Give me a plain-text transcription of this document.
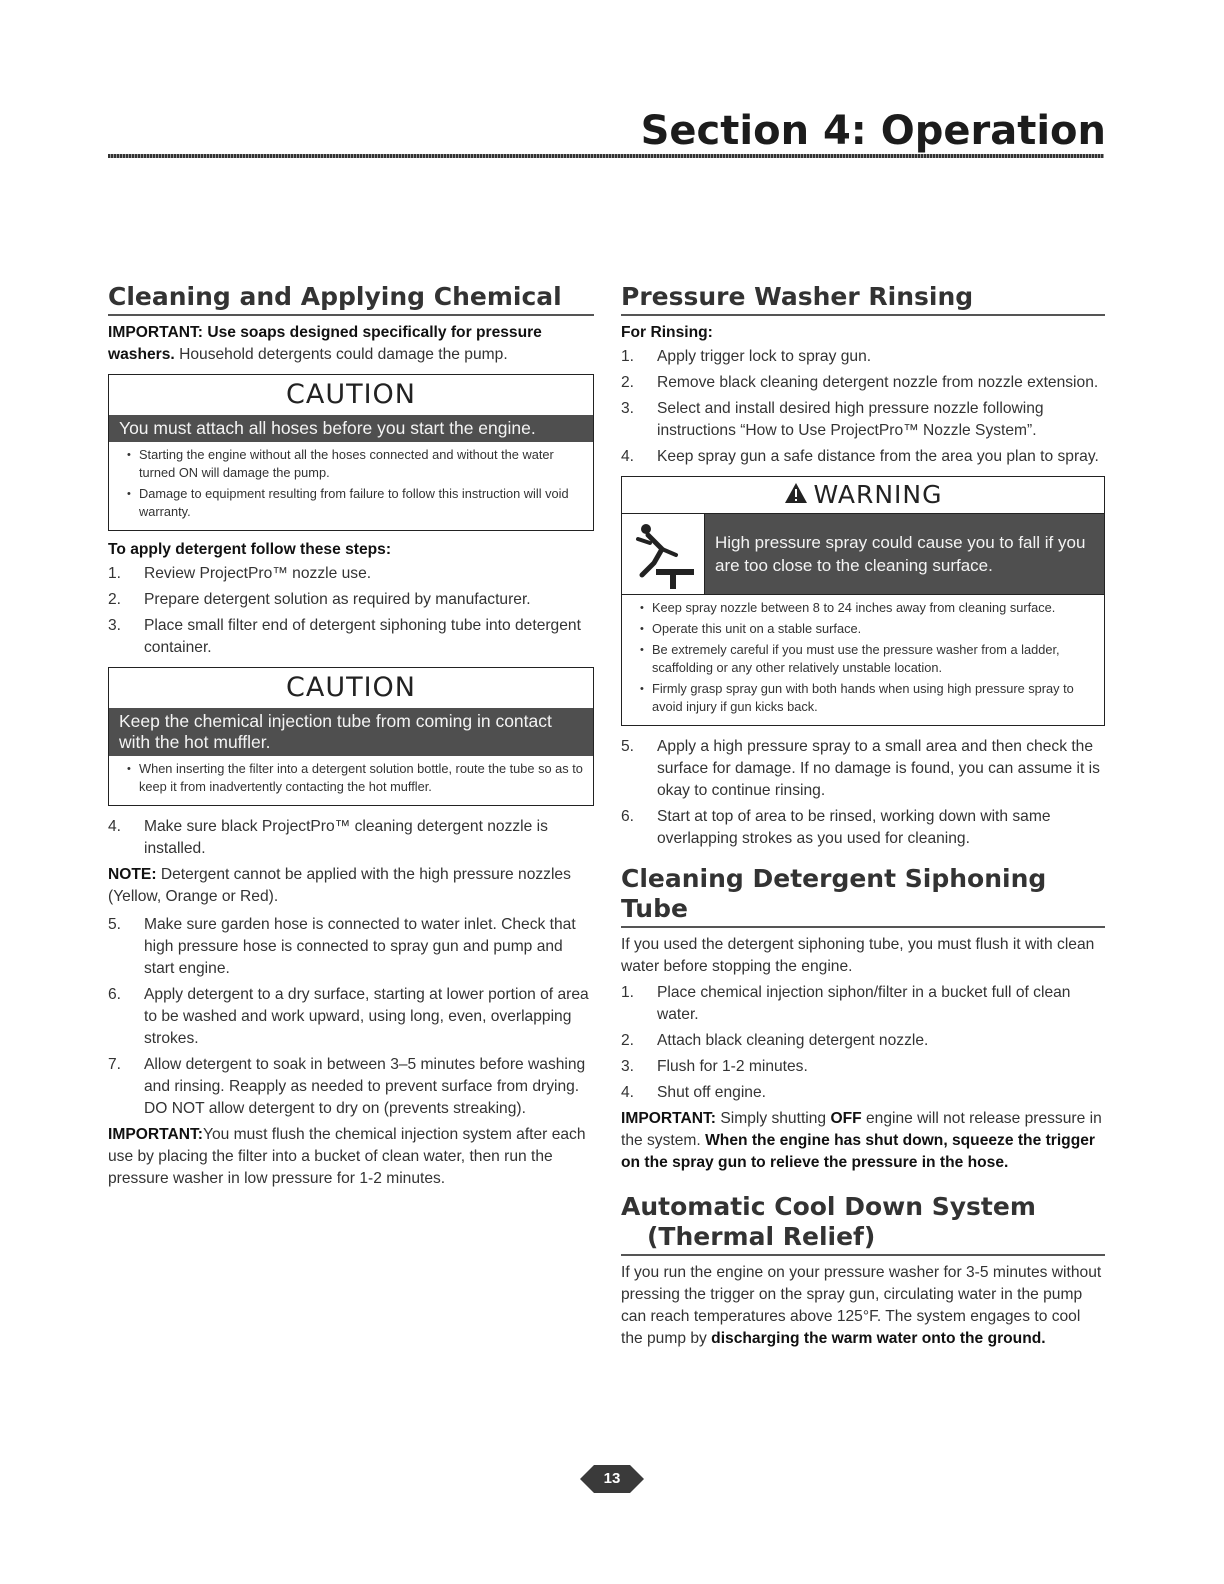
Section 4: Operation
Cleaning and Applying Chemical

IMPORTANT: Use soaps designed specifically for pressure washers. Household detergents could damage the pump.

CAUTION
You must attach all hoses before you start the engine.
• Starting the engine without all the hoses connected and without the water turned ON will damage the pump.
• Damage to equipment resulting from failure to follow this instruction will void warranty.
To apply detergent follow these steps:
1. Review ProjectPro™ nozzle use.
2. Prepare detergent solution as required by manufacturer.
3. Place small filter end of detergent siphoning tube into detergent container.
CAUTION
Keep the chemical injection tube from coming in contact with the hot muffler.
• When inserting the filter into a detergent solution bottle, route the tube so as to keep it from inadvertently contacting the hot muffler.
4. Make sure black ProjectPro™ cleaning detergent nozzle is installed.

NOTE: Detergent cannot be applied with the high pressure nozzles (Yellow, Orange or Red).

5. Make sure garden hose is connected to water inlet. Check that high pressure hose is connected to spray gun and pump and start engine.
6. Apply detergent to a dry surface, starting at lower portion of area to be washed and work upward, using long, even, overlapping strokes.
7. Allow detergent to soak in between 3–5 minutes before washing and rinsing. Reapply as needed to prevent surface from drying. DO NOT allow detergent to dry on (prevents streaking).

IMPORTANT:You must flush the chemical injection system after each use by placing the filter into a bucket of clean water, then run the pressure washer in low pressure for 1-2 minutes.

Pressure Washer Rinsing
For Rinsing:
1. Apply trigger lock to spray gun.
2. Remove black cleaning detergent nozzle from nozzle extension.
3. Select and install desired high pressure nozzle following instructions “How to Use ProjectPro™ Nozzle System”.
4. Keep spray gun a safe distance from the area you plan to spray.
WARNING
High pressure spray could cause you to fall if you are too close to the cleaning surface.
• Keep spray nozzle between 8 to 24 inches away from cleaning surface.
• Operate this unit on a stable surface.
• Be extremely careful if you must use the pressure washer from a ladder, scaffolding or any other relatively unstable location.
• Firmly grasp spray gun with both hands when using high pressure spray to avoid injury if gun kicks back.
5. Apply a high pressure spray to a small area and then check the surface for damage. If no damage is found, you can assume it is okay to continue rinsing.
6. Start at top of area to be rinsed, working down with same overlapping strokes as you used for cleaning.
Cleaning Detergent Siphoning Tube

If you used the detergent siphoning tube, you must flush it with clean water before stopping the engine.

1. Place chemical injection siphon/filter in a bucket full of clean water.
2. Attach black cleaning detergent nozzle.
3. Flush for 1-2 minutes.
4. Shut off engine.

IMPORTANT: Simply shutting OFF engine will not release pressure in the system. When the engine has shut down, squeeze the trigger on the spray gun to relieve the pressure in the hose.

Automatic Cool Down System
(Thermal Relief)

If you run the engine on your pressure washer for 3-5 minutes without pressing the trigger on the spray gun, circulating water in the pump can reach temperatures above 125°F. The system engages to cool the pump by discharging the warm water onto the ground.

13
